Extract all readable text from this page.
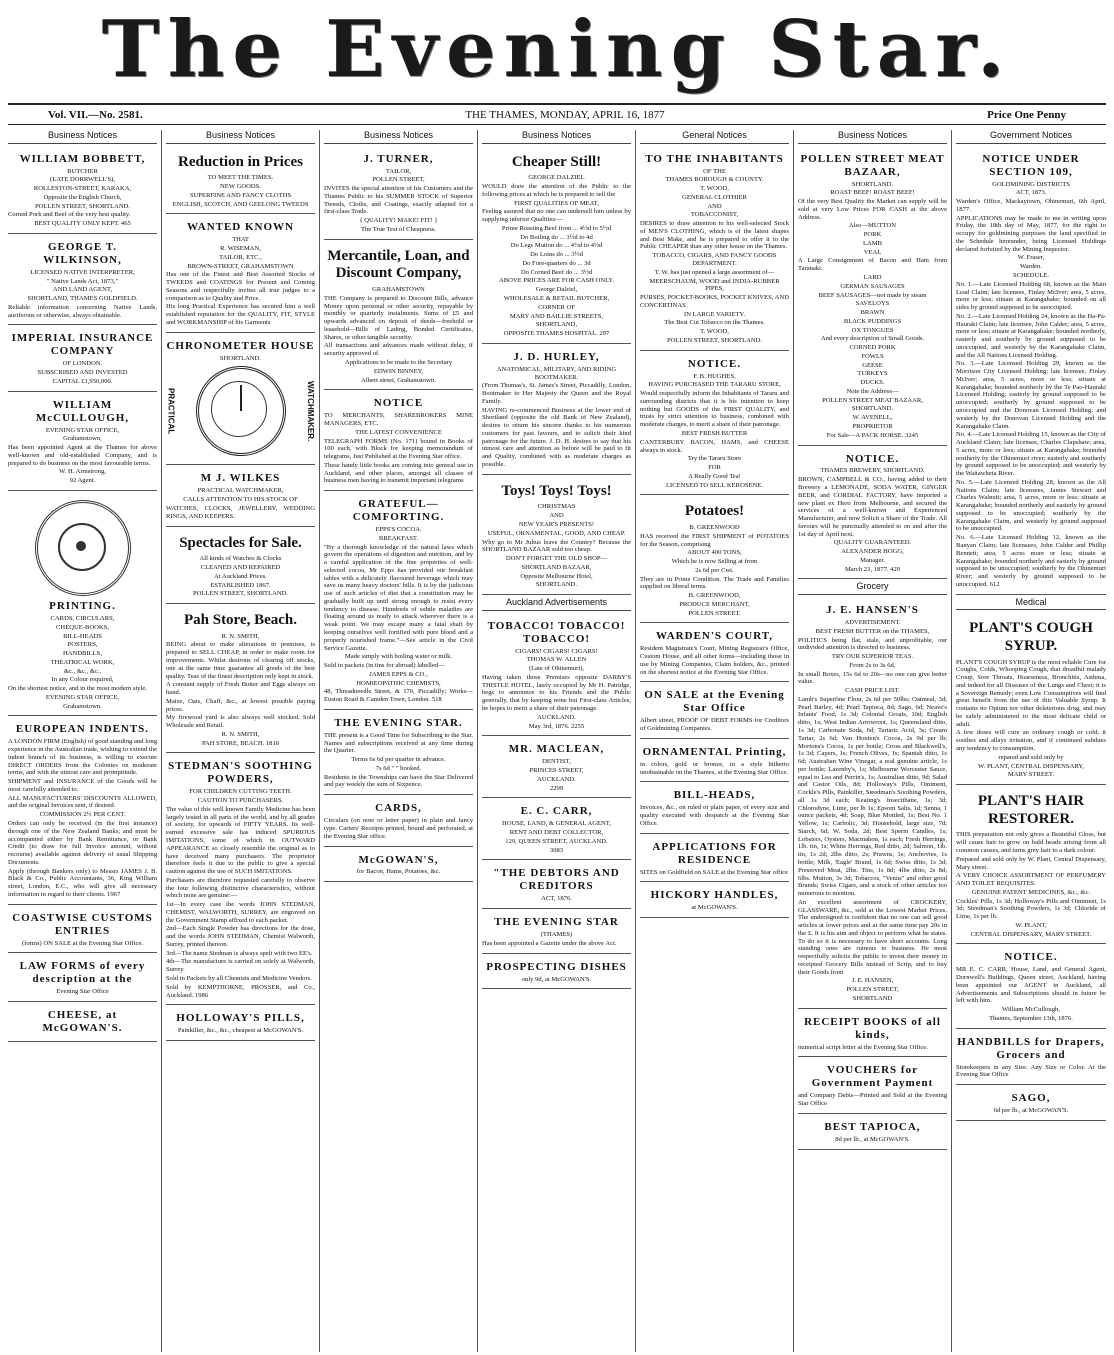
The Evening Star.
Vol. VII.—No. 2581.	THE THAMES, MONDAY, APRIL 16, 1877	Price One Penny
Business Notices
WILLIAM BOBBETT,

BUTCHER

(LATE DORRWELL'S),

ROLLESTON-STREET, KARAKA,

Opposite the English Church,

POLLEN STREET, SHORTLAND.

Corned Pork and Beef of the very best quality.

BEST QUALITY ONLY KEPT. 465

GEORGE T. WILKINSON,

LICENSED NATIVE INTERPRETER,

" Native Lands Act, 1873,"

AND LAND AGENT,

SHORTLAND, THAMES GOLDFIELD.

Reliable information concerning Native Lands, auriferous or otherwise, always obtainable.

IMPERIAL INSURANCE COMPANY

OF LONDON.

SUBSCRIBED AND INVESTED

CAPITAL £1,950,000.

WILLIAM McCULLOUGH,

EVENING STAR OFFICE,

Grahamstown,

Has been appointed Agent at the Thames for above well-known and old-established Company, and is prepared to do business on the most favourable terms.

W. H. Armstrong,

92 Agent.

PRINTING.

CARDS, CIRCULARS,

CHEQUE-BOOKS,

BILL-HEADS

POSTERS,

HANDBILLS,

THEATRICAL WORK,

&c., &c., &c.,

In any Colour required,

On the shortest notice, and in the most modern style.

EVENING STAR OFFICE,

Grahamstown.

EUROPEAN INDENTS.

A LONDON FIRM (English) of good standing and long experience in the Australian trade, wishing to extend the indent branch of its business, is willing to execute DIRECT ORDERS from the Colonies on moderate terms, and with the utmost care and promptitude.

SHIPMENT and INSURANCE of the Goods will be most carefully attended to.

ALL MANUFACTURERS' DISCOUNTS ALLOWED, and the original Invoices sent, if desired.

COMMISSION 2½ PER CENT.

Orders can only be received (in the first instance) through one of the New Zealand Banks; and must be accompanied either by Bank Remittance, or Bank Credit (to draw for full Invoice amount, without recourse) available against delivery of usual Shipping Documents.

Apply (through Bankers only) to Messrs JAMES J. B. Black & Co., Public Accountants, 36, King William street, London, E.C., who will give all necessary information in regard to their clients. 1967

COASTWISE CUSTOMS ENTRIES

(forms) ON SALE at the Evening Star Office.

LAW FORMS of every description at the

Evening Star Office

CHEESE, at McGOWAN'S.
Business Notices
Reduction in Prices

TO MEET THE TIMES.

NEW GOODS.

SUPERFINE AND FANCY CLOTHS

ENGLISH, SCOTCH, AND GEELONG TWEEDS

WANTED KNOWN

THAT

R. WISEMAN,

TAILOR, ETC.,

BROWN-STREET, GRAHAMSTOWN

Has one of the Finest and Best Assorted Stocks of TWEEDS and COATINGS for Present and Coming Seasons and respectfully invites all true judges to a comparison as to Quality and Price.

His long Practical Experience has secured him a well established reputation for the QUALITY, FIT, STYLE and WORKMANSHIP of his Garments

CHRONOMETER HOUSE

SHORTLAND.

PRACTICAL	WATCHMAKER.
M J. WILKES

PRACTICAL WATCHMAKER,

CALLS ATTENTION TO HIS STOCK OF

WATCHES, CLOCKS, JEWELLERY, WEDDING RINGS, AND KEEPERS.

Spectacles for Sale.

All kinds of Watches & Clocks

CLEANED AND REPAIRED

At Auckland Prices.

ESTABLISHED 1867.

POLLEN STREET, SHORTLAND.

Pah Store, Beach.

R. N. SMITH,

BEING about to make alterations in premises, is prepared to SELL CHEAP, in order to make room for improvements. Whilst desirous of clearing off stocks, one at the same time guarantee all goods of the best quality. Teas of the finest description only kept in stock.

A constant supply of Fresh Butter and Eggs always on hand.

Maize, Oats, Chaff, &c., at lowest possible paying prices.

My firewood yard is also always well stocked. Sold Wholesale and Retail.

R. N. SMITH,

PAH STORE, BEACH. 1810

STEDMAN'S SOOTHING POWDERS,

FOR CHILDREN CUTTING TEETH.

CAUTION TO PURCHASERS.

The value of this well known Family Medicine has been largely tested in all parts of the world, and by all grades of society, for upwards of FIFTY YEARS. Its well-earned excessive sale has induced SPURIOUS IMITATIONS, some of which in OUTWARD APPEARANCE so closely resemble the original as to have deceived many purchasers. The proprietor therefore feels it due to the public to give a special caution against the use of SUCH IMITATIONS.

Purchasers are therefore requested carefully to observe the four following distinctive characteristics, without which none are genuine:—

1st—In every case the words JOHN STEDMAN, CHEMIST, WALWORTH, SURREY, are engraved on the Government Stamp affixed to each packet.

2nd—Each Single Powder has directions for the dose, and the words JOHN STEDMAN, Chemist Walworth, Surrey, printed thereon.

3rd—The name Stedman is always spelt with two EE's.

4th—The manufacture is carried on solely at Walworth, Surrey.

Sold in Packets by all Chemists and Medicine Vendors.

Sold by KEMPTHORNE, PROSSER, and Co., Auckland. 1986

HOLLOWAY'S PILLS,

Painkiller, &c., &c., cheapest at McGOWAN'S.

Business Notices
J. TURNER,

TAILOR,

POLLEN STREET,

INVITES the special attention of his Customers and the Thames Public to his SUMMER STOCK of Superior Tweeds, Cloths, and Coatings, exactly adapted for a first-class Trade.

{ QUALITY! MAKE! FIT! }

The True Test of Cheapness.

Mercantile, Loan, and Discount Company,

GRAHAMSTOWN

THE Company is prepared to Discount Bills, advance Money upon personal or other security, repayable by monthly or quarterly instalments. Sums of £5 and upwards advanced on deposit of deeds—freehold or leasehold—Bills of Lading, Bonded Certificates, Shares, or other tangible security.

All transactions and advances made without delay, if security approved of.

Applications to be made to the Secretary

EDWIN BINNEY,

Albert street, Grahamstown.

NOTICE

TO MERCHANTS, SHAREBROKERS MINE MANAGERS, ETC.

THE LATEST CONVENIENCE

TELEGRAPH FORMS (No. 171) bound in Books of 100 each, with Block for keeping memorandum of telegrams, Just Published at the Evening Star office.

These handy little books are coming into general use in Auckland, and other places, amongst all classes of business men having to transmit important telegrams

GRATEFUL—COMFORTING.

EPPS'S COCOA.

BREAKFAST.

"By a thorough knowledge of the natural laws which govern the operations of digestion and nutrition, and by a careful application of the fine properties of well-selected cocoa, Mr Epps has provided our breakfast tables with a delicately flavoured beverage which may save us many heavy doctors' bills. It is by the judicious use of such articles of diet that a constitution may be gradually built up until strong enough to resist every tendency to disease. Hundreds of subtle maladies are floating around us ready to attack wherever there is a weak point. We may escape many a fatal shaft by keeping ourselves well fortified with pure blood and a properly nourished frame."—See article in the Civil Service Gazette.

Made simply with boiling water or milk.

Sold in packets (in tins for abroad) labelled—

JAMES EPPS & CO.,

HOMŒOPATHIC CHEMISTS,

48, Threadneedle Street, & 170, Piccadilly; Works—Euston Road & Camden Town, London. 518

THE EVENING STAR.

THE present is a Good Time for Subscribing to the Star. Names and subscriptions received at any time during the Quarter.

Terms 6s 6d per quarter in advance.

7s 6d " " booked.

Residents in the Townships can have the Star Delivered and pay weekly the sum of Sixpence.

CARDS,

Circulars (on note or letter paper) in plain and fancy type. Carters' Receipts printed, bound and perforated, at the Evening Star office.

McGOWAN'S,

for Bacon, Hams, Potatoes, &c.

Business Notices
Cheaper Still!

GEORGE DALZIEL

WOULD draw the attention of the Public to the following prices at which he is prepared to sell the

FIRST QUALITIES OF MEAT,

Feeling assured that no one can undersell him unless by supplying inferior Qualities:—

Prime Roasting Beef from ... 4½d to 5½d

Do Boiling do ... 3½d to 4d

Do Legs Mutton do ... 4½d to 4½d

Do Loins do ... 3½d

Do Fore-quarters do ... 3d

Do Corned Beef do ... 3½d

ABOVE PRICES ARE FOR CASH ONLY.

George Dalziel,

WHOLESALE & RETAIL BUTCHER,

CORNER OF

MARY AND BAILLIE STREETS,

SHORTLAND,

OPPOSITE THAMES HOSPITAL. 297

J. D. HURLEY,

ANATOMICAL, MILITARY, AND RIDING BOOTMAKER.

(From Thomas's, St. James's Street, Piccadilly, London, Bootmaker to Her Majesty the Queen and the Royal Family.

HAVING re-commenced Business at the lower end of Shortland (opposite the old Bank of New Zealand), desires to return his sincere thanks to his numerous customers for past favours, and to solicit their kind patronage for the future. J. D. H. desires to say that his utmost care and attention as before will be paid to fit and Quality, combined with as moderate charges as possible.

Toys! Toys! Toys!

CHRISTMAS

AND

NEW YEAR'S PRESENTS!

USEFUL, ORNAMENTAL, GOOD, AND CHEAP.

Why go to Mr Julius leave the Country? Because the SHORTLAND BAZAAR sold too cheap.

DON'T FORGET THE OLD SHOP—

SHORTLAND BAZAAR,

Opposite Melbourne Hotel,

SHORTLAND.

Auckland Advertisements
TOBACCO! TOBACCO! TOBACCO!

CIGARS! CIGARS! CIGARS!

THOMAS W. ALLEN

(Late of Ohinemuri),

Having taken those Premises opposite DARBY'S THISTLE HOTEL, lately occupied by Mr H. Patridge, begs to announce to his Friends and the Public generally, that by keeping none but First-class Articles, he hopes to merit a share of their patronage.

AUCKLAND.

May 3rd, 1876. 2255

MR. MACLEAN,

DENTIST,

PRINCES STREET,

AUCKLAND.

2299

E. C. CARR,

HOUSE, LAND, & GENERAL AGENT,

RENT AND DEBT COLLECTOR,

129, QUEEN STREET, AUCKLAND.

3083

"THE DEBTORS AND CREDITORS

ACT, 1876.

THE EVENING STAR

(THAMES)

Has been appointed a Gazette under the above Act.

PROSPECTING DISHES

only 9d, at McGOWAN'S.

General Notices
TO THE INHABITANTS

OF THE

THAMES BOROUGH & COUNTY.

T. WOOD,

GENERAL CLOTHIER

AND

TOBACCONIST,

DESIRES to draw attention to his well-selected Stock of MEN'S CLOTHING, which is of the latest shapes and Best Make, and he is prepared to offer it to the Public CHEAPER than any other house on the Thames.

TOBACCO, CIGARS, AND FANCY GOODS DEPARTMENT.

T. W. has just opened a large assortment of—

MEERSCHAUM, WOOD and INDIA-RUBBER PIPES,

PURSES, POCKET-BOOKS, POCKET KNIVES, AND CONCERTINAS

IN LARGE VARIETY.

The Best Cut Tobacco on the Thames.

T. WOOD,

POLLEN STREET, SHORTLAND.

NOTICE.

F. B. HUGHES,

HAVING PURCHASED THE TARARU STORE,

Would respectfully inform the Inhabitants of Tararu and surrounding districts that it is his intention to keep nothing but GOODS of the FIRST QUALITY, and trusts by strict attention to business, combined with moderate charges, to merit a share of their patronage.

BEST FRESH BUTTER

CANTERBURY BACON, HAMS, and CHEESE always in stock.

Try the Tararu Store

FOR

A Really Good Tea!

LICENSED TO SELL KEROSENE.

Potatoes!

B. GREENWOOD

HAS received the FIRST SHIPMENT of POTATOES for the Season, comprising

ABOUT 400 TONS,

Which he is now Selling at from

2s 6d per Cwt.

They are in Prime Condition. The Trade and Families supplied on liberal terms.

B. GREENWOOD,

PRODUCE MERCHANT,

POLLEN STREET.

WARDEN'S COURT,

Resident Magistrate's Court, Mining Registrar's Office, Custom House, and all other forms—including those in use by Mining Companies, Claim holders, &c., printed on the shortest notice at the Evening Star Office.

ON SALE at the Evening Star Office

Albert street, PROOF OF DEBT FORMS for Creditors of Goldmining Companies.

ORNAMENTAL Printing,

in colors, gold or bronze, in a style hitherto unobtainable on the Thames, at the Evening Star Office.

BILL-HEADS,

Invoices, &c., on ruled or plain paper, of every size and quality executed with despatch at the Evening Star Office.

APPLICATIONS FOR RESIDENCE

SITES on Goldfield on SALE at the Evening Star office

HICKORY HANDLES,

at McGOWAN'S.

Business Notices
POLLEN STREET MEAT BAZAAR,

SHORTLAND.

ROAST BEEF! ROAST BEEF!

Of the very Best Quality the Market can supply will be sold at very Low Prices FOR CASH at the above Address.

Also—MUTTON

PORK

LAMB

VEAL

A Large Consignment of Bacon and Ham from Taranaki.

LARD

GERMAN SAUSAGES

BEEF SAUSAGES—not made by steam

SAVELOYS

BRAWN

BLACK PUDDINGS

OX TONGUES

And every description of Small Goods.

CORNED PORK

FOWLS

GEESE

TURKEYS

DUCKS.

Note the Address—

POLLEN STREET MEAT BAZAAR,

SHORTLAND.

W. AVENELL,

PROPRIETOR

For Sale—A PACK HORSE. 3245

NOTICE.

THAMES BREWERY, SHORTLAND.

BROWN, CAMPBELL & CO., having added to their Brewery a LEMONADE, SODA WATER, GINGER BEER, and CORDIAL FACTORY, have imported a new plant ex Hero from Melbourne, and secured the services of a well-known and Experienced Manufacturer, and now Solicit a Share of the Trade. All favours will be punctually attended to on and after the 1st day of April next.

QUALITY GUARANTEED.

ALEXANDER HOGG,

Manager.

March 23, 1877. 429

Grocery
J. E. HANSEN'S

ADVERTISEMENT.

BEST FRESH BUTTER on the THAMES,

POLITICS being flat, stale, and unprofitable, our undivided attention is directed to business.

TRY OUR SUPERIOR TEAS.

From 2s to 3s 6d,

In small Boxes, 15s 6d to 20s—no one can give better value.

CASH PRICE LIST.

Lamb's Superfine Flour, 2s 6d per 50lbs; Oatmeal, 3d; Pearl Barley, 4d; Pearl Tapioca, 8d; Sago, 6d; Neave's Infants' Food, 1s 3d; Colonial Groats, 10d; English ditto, 1s; West Indian Arrowroot, 1s; Queensland ditto, 1s 3d; Carbonate Soda, 6d; Tartaric Acid, 3s; Cream Tartar, 2s 6d; Van Houten's Cocoa, 2s 9d per lb; Mortons's Cocoa, 1s per bottle; Cross and Blackwell's, 1s 3d; Capers, 1s; French Olives, 1s; Spanish ditto, 1s 6d; Australian Wine Vinegar, a real genuine article, 1s per bottle; Lazenby's, 1s; Melbourne Worcester Sauce, equal to Lea and Perrin's, 1s; Australian ditto, 9d; Salad and Castor Oils, 8d; Holloway's Pills, Ointment, Cockle's Pills, Painkiller, Steedman's Soothing Powders, all 1s 3d each; Keating's Insectibane, 1s; 3d; Chlorodyne, Lime, per lb 1s; Epsom Salts, 1d; Senna, 1 ounce packets, 4d; Soap, Blue Mottled, 1s; Best No. 1 Yellow, 1s; Carbolic, 3d; Household, large size, 7d; Starch, 6d; W. Soda, 2d; Best Sperm Candles, 1s; Lobsters, Oysters, Macmahon, 1s each; Fresh Herrings, 1lb. tin, 1s; White Herrings, Red ditto, 2d; Salmon, 1lb. tin, 1s 2d; 2lbs ditto, 2s; Prawns, 1s; Anchovies, 1s bottle; Milk, 'Eagle' Brand, 1s 6d; Swiss ditto, 1s 3d; Preserved Meat, 2lbs. Tins, 1s 8d; 4lbs ditto, 2s 8d; 6lbs. Mutton, 3s 3d; Tobaccos, "Venus" and other good Brands; Swiss Cigars, and a stock of other articles too numerous to mention.

An excellent assortment of CROCKERY, GLASSWARE, &c., sold at the Lowest Market Prices. The undersigned is confident that no one can sell good articles at lower prices and at the same time pay 20s in the £. It is his aim and object to perform what he states. To do so it is necessary to have short accounts. Long standing ones are ruinous to business. He most respectfully solicits the public to invest their money in receipted Grocery Bills instead of Scrip, and to buy their Goods from

J. E. HANSEN,

POLLEN STREET,

SHORTLAND

RECEIPT BOOKS of all kinds,

numerical script letter at the Evening Star Office.

VOUCHERS for Government Payment

and Company Debts—Printed and Sold at the Evening Star Office

BEST TAPIOCA,

8d per lb., at McGOWAN'S.

Government Notices
NOTICE UNDER SECTION 109,

GOLDMINING DISTRICTS

ACT, 1873.

Warden's Office, Mackaytown, Ohinemuri, 6th April, 1877.

APPLICATIONS may be made to me in writing upon Friday, the 18th day of May, 1877, for the right to occupy for goldmining purposes the land specified in the Schedule hereunder, being Licensed Holdings declared forfeited by the Mining Inspector.

W. Fraser,

Warden.

SCHEDULE.

No. 1.—Late Licensed Holding 68, known as the Main Lead Claim; late licensee, Finlay McIver; area, 5 acres, more or less; situate at Karangahake; bounded on all sides by ground supposed to be unoccupied.

No. 2.—Late Licensed Holding 24, known as the Ha-Pa-Hauraki Claim; late licensee, John Calder; area, 5 acres, more or less; situate at Karangahake; bounded northerly, easterly and southerly by ground supposed to be unoccupied, and westerly by the Karangahake Claim, and the All Nations Licensed Holding.

No. 3.—Late Licensed Holding 29, known as the Morrison City Licensed Holding; late licensee, Finlay McIver; area, 5 acres, more or less; situate at Karangahake; bounded northerly by the Te Pao-Hauraki Licensed Holding; easterly by ground supposed to be unoccupied; southerly by ground supposed to be unoccupied and the Donovan Licensed Holding; and westerly by the Donovan Licensed Holding and the Karangahake Claim.

No. 4.—Late Licensed Holding 15, known as the City of Auckland Claim; late licensee, Charles Clapshaw; area, 5 acres, more or less; situate at Karangahake; bounded northerly by the Ohinemuri river; easterly and southerly by ground supposed to be unoccupied; and westerly by the Waitawheta River.

No. 5.—Late Licensed Holding 28, known as the All Nations Claim; late licensees, James Stewart and Charles Walnutt; area, 5 acres, more or less; situate at Karangahake; bounded northerly and easterly by ground supposed to be unoccupied; southerly by the Karangahake Claim, and westerly by ground supposed to be unoccupied.

No. 6.—Late Licensed Holding 12, known as the Banyan Claim; late licensees, John Calder and Phillip Bennett; area, 5 acres more or less; situate at Karangahake; bounded northerly and easterly by ground supposed to be unoccupied; southerly by the Ohinemuri River; and westerly by ground supposed to be unoccupied. 612

Medical
PLANT'S COUGH SYRUP.

PLANT'S COUGH SYRUP is the most reliable Cure for Coughs, Colds, Whooping Cough, that dreadful malady Croup, Sore Throats, Hoarseness, Bronchitis, Asthma, and indeed for all Diseases of the Lungs and Chest; it is a Sovereign Remedy; even Low Consumptives will find great benefit from the use of this Valuable Syrup. It contains no Opium nor other deleterious drug, and may be safely administered to the most delicate child or adult.

A few doses will cure an ordinary cough or cold; it soothes and allays irritation, and if continued subdues any tendency to consumption.

repared and sold only by

W. PLANT, CENTRAL DISPENSARY,

MARY STREET.

PLANT'S HAIR RESTORER.

THIS preparation not only gives a Beautiful Gloss, but will cause hair to grow on bald heads arising from all common causes, and turns grey hair to a dark colour.

Prepared and sold only by W. Plant, Central Dispensary, Mary street.

A VERY CHOICE ASSORTMENT OF PERFUMERY AND TOILET REQUISITES.

GENUINE PATENT MEDICINES, &c., &c.

Cockles' Pills, 1s 3d; Holloway's Pills and Ointment, 1s 3d; Steedman's Soothing Powders, 1s 3d; Chloride of Lime, 1s per lb.

W. PLANT,

CENTRAL DISPENSARY, MARY STREET.

NOTICE.

MR E. C. CARR, House, Land, and General Agent, Dornwell's Buildings, Queen street, Auckland, having been appointed our AGENT in Auckland, all Advertisements and Subscriptions should in future be left with him.

William McCullough,

Thames, September 13th, 1876.

HANDBILLS for Drapers, Grocers and

Storekeepers in any Size. Any Size or Color. At the Evening Star Office

SAGO,

6d per lb., at McGOWAN'S.
